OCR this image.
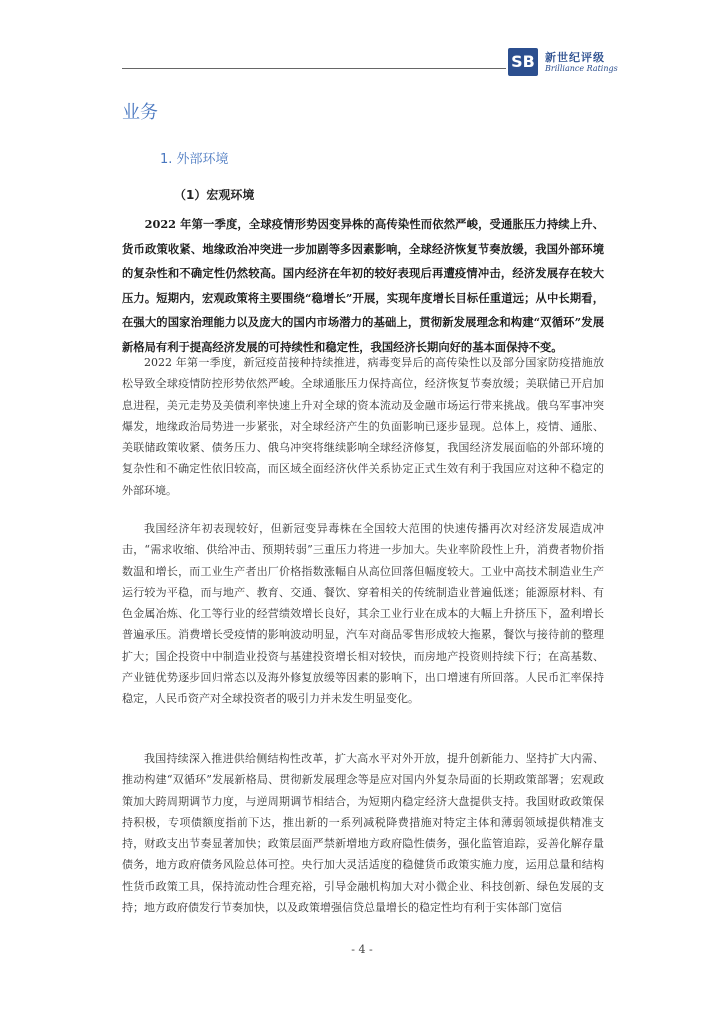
SB 新世纪评级
Brilliance Ratings
业务
1. 外部环境
（1）宏观环境

2022 年第一季度，全球疫情形势因变异株的高传染性而依然严峻，受通胀压力持续上升、货币政策收紧、地缘政治冲突进一步加剧等多因素影响，全球经济恢复节奏放缓，我国外部环境的复杂性和不确定性仍然较高。国内经济在年初的较好表现后再遭疫情冲击，经济发展存在较大压力。短期内，宏观政策将主要围绕“稳增长”开展，实现年度增长目标任重道远；从中长期看，在强大的国家治理能力以及庞大的国内市场潜力的基础上，贯彻新发展理念和构建“双循环”发展新格局有利于提高经济发展的可持续性和稳定性，我国经济长期向好的基本面保持不变。

2022 年第一季度，新冠疫苗接种持续推进，病毒变异后的高传染性以及部分国家防疫措施放松导致全球疫情防控形势依然严峻。全球通胀压力保持高位，经济恢复节奏放缓；美联储已开启加息进程，美元走势及美债利率快速上升对全球的资本流动及金融市场运行带来挑战。俄乌军事冲突爆发，地缘政治局势进一步紧张，对全球经济产生的负面影响已逐步显现。总体上，疫情、通胀、美联储政策收紧、债务压力、俄乌冲突将继续影响全球经济修复，我国经济发展面临的外部环境的复杂性和不确定性依旧较高，而区域全面经济伙伴关系协定正式生效有利于我国应对这种不稳定的外部环境。

我国经济年初表现较好，但新冠变异毒株在全国较大范围的快速传播再次对经济发展造成冲击，“需求收缩、供给冲击、预期转弱”三重压力将进一步加大。失业率阶段性上升，消费者物价指数温和增长，而工业生产者出厂价格指数涨幅自从高位回落但幅度较大。工业中高技术制造业生产运行较为平稳，而与地产、教育、交通、餐饮、穿着相关的传统制造业普遍低迷；能源原材料、有色金属冶炼、化工等行业的经营绩效增长良好，其余工业行业在成本的大幅上升挤压下，盈利增长普遍承压。消费增长受疫情的影响波动明显，汽车对商品零售形成较大拖累，餐饮与接待前的整理扩大；国企投资中中制造业投资与基建投资增长相对较快，而房地产投资则持续下行；在高基数、产业链优势逐步回归常态以及海外修复放缓等因素的影响下，出口增速有所回落。人民币汇率保持稳定，人民币资产对全球投资者的吸引力并未发生明显变化。

我国持续深入推进供给侧结构性改革，扩大高水平对外开放，提升创新能力、坚持扩大内需、推动构建“双循环”发展新格局、贯彻新发展理念等是应对国内外复杂局面的长期政策部署；宏观政策加大跨周期调节力度，与逆周期调节相结合，为短期内稳定经济大盘提供支持。我国财政政策保持积极，专项债额度指前下达，推出新的一系列减税降费措施对特定主体和薄弱领域提供精准支持，财政支出节奏显著加快；政策层面严禁新增地方政府隐性债务，强化监管追踪，妥善化解存量债务，地方政府债务风险总体可控。央行加大灵活适度的稳健货币政策实施力度，运用总量和结构性货币政策工具，保持流动性合理充裕，引导金融机构加大对小微企业、科技创新、绿色发展的支持；地方政府债发行节奏加快，以及政策增强信贷总量增长的稳定性均有利于实体部门宽信

- 4 -
